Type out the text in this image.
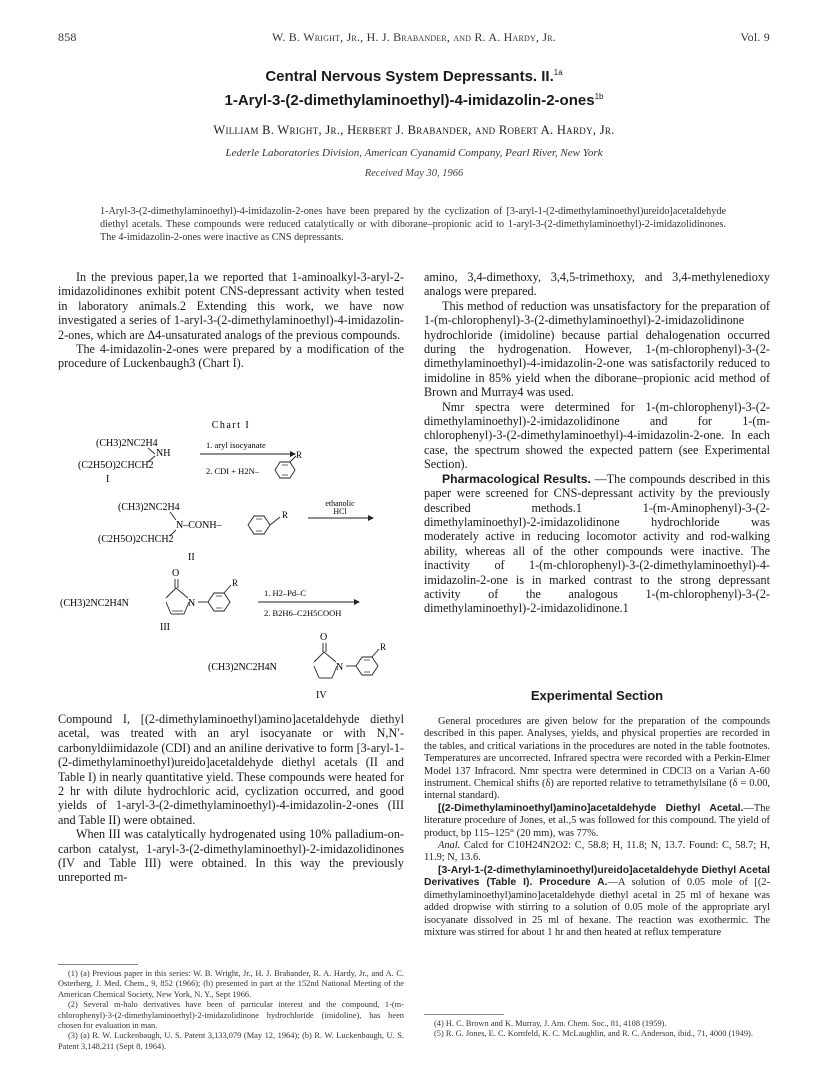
858	W. B. Wright, Jr., H. J. Brabander, and R. A. Hardy, Jr.	Vol. 9
Central Nervous System Depressants. II.$^{1a}$
1-Aryl-3-(2-dimethylaminoethyl)-4-imidazolin-2-ones$^{1b}$
William B. Wright, Jr., Herbert J. Brabander, and Robert A. Hardy, Jr.
Lederle Laboratories Division, American Cyanamid Company, Pearl River, New York
Received May 30, 1966
1-Aryl-3-(2-dimethylaminoethyl)-4-imidazolin-2-ones have been prepared by the cyclization of [3-aryl-1-(2-dimethylaminoethyl)ureido]acetaldehyde diethyl acetals. These compounds were reduced catalytically or with diborane–propionic acid to 1-aryl-3-(2-dimethylaminoethyl)-2-imidazolidinones. The 4-imidazolin-2-ones were inactive as CNS depressants.

In the previous paper,1a we reported that 1-aminoalkyl-3-aryl-2-imidazolidinones exhibit potent CNS-depressant activity when tested in laboratory animals.2 Extending this work, we have now investigated a series of 1-aryl-3-(2-dimethylaminoethyl)-4-imidazolin-2-ones, which are Δ4-unsaturated analogs of the previous compounds.

The 4-imidazolin-2-ones were prepared by a modification of the procedure of Luckenbaugh3 (Chart I).

Chart I
(CH3)2NC2H4
NH
(C2H5O)2CHCH2
I
1. aryl isocyanate
2. CDI + H2N–
R
(CH3)2NC2H4
N–CONH–
(C2H5O)2CHCH2
R
II
ethanolic
HCl
O
(CH3)2NC2H4N	N
R
III
1. H2–Pd–C
2. B2H6–C2H5COOH
O
(CH3)2NC2H4N	N
R
IV

Compound I, [(2-dimethylaminoethyl)amino]acetaldehyde diethyl acetal, was treated with an aryl isocyanate or with N,N′-carbonyldiimidazole (CDI) and an aniline derivative to form [3-aryl-1-(2-dimethylaminoethyl)ureido]acetaldehyde diethyl acetals (II and Table I) in nearly quantitative yield. These compounds were heated for 2 hr with dilute hydrochloric acid, cyclization occurred, and good yields of 1-aryl-3-(2-dimethylaminoethyl)-4-imidazolin-2-ones (III and Table II) were obtained.

When III was catalytically hydrogenated using 10% palladium-on-carbon catalyst, 1-aryl-3-(2-dimethylaminoethyl)-2-imidazolidinones (IV and Table III) were obtained. In this way the previously unreported m-

(1) (a) Previous paper in this series: W. B. Wright, Jr., H. J. Brabander, R. A. Hardy, Jr., and A. C. Osterberg, J. Med. Chem., 9, 852 (1966); (b) presented in part at the 152nd National Meeting of the American Chemical Society, New York, N. Y., Sept 1966.

(2) Several m-halo derivatives have been of particular interest and the compound, 1-(m-chlorophenyl)-3-(2-dimethylaminoethyl)-2-imidazolidinone hydrochloride (imidoline), has been chosen for evaluation in man.

(3) (a) R. W. Luckenbaugh, U. S. Patent 3,133,079 (May 12, 1964); (b) R. W. Luckenbaugh, U. S. Patent 3,148,211 (Sept 8, 1964).

amino, 3,4-dimethoxy, 3,4,5-trimethoxy, and 3,4-methylenedioxy analogs were prepared.

This method of reduction was unsatisfactory for the preparation of 1-(m-chlorophenyl)-3-(2-dimethylaminoethyl)-2-imidazolidinone hydrochloride (imidoline) because partial dehalogenation occurred during the hydrogenation. However, 1-(m-chlorophenyl)-3-(2-dimethylaminoethyl)-4-imidazolin-2-one was satisfactorily reduced to imidoline in 85% yield when the diborane–propionic acid method of Brown and Murray4 was used.

Nmr spectra were determined for 1-(m-chlorophenyl)-3-(2-dimethylaminoethyl)-2-imidazolidinone and for 1-(m-chlorophenyl)-3-(2-dimethylaminoethyl)-4-imidazolin-2-one. In each case, the spectrum showed the expected pattern (see Experimental Section).

Pharmacological Results. —The compounds described in this paper were screened for CNS-depressant activity by the previously described methods.1 1-(m-Aminophenyl)-3-(2-dimethylaminoethyl)-2-imidazolidinone hydrochloride was moderately active in reducing locomotor activity and rod-walking ability, whereas all of the other compounds were inactive. The inactivity of 1-(m-chlorophenyl)-3-(2-dimethylaminoethyl)-4-imidazolin-2-one is in marked contrast to the strong depressant activity of the analogous 1-(m-chlorophenyl)-3-(2-dimethylaminoethyl)-2-imidazolidinone.1

Experimental Section

General procedures are given below for the preparation of the compounds described in this paper. Analyses, yields, and physical properties are recorded in the tables, and critical variations in the procedures are noted in the table footnotes. Temperatures are uncorrected. Infrared spectra were recorded with a Perkin-Elmer Model 137 Infracord. Nmr spectra were determined in CDCl3 on a Varian A-60 instrument. Chemical shifts (δ) are reported relative to tetramethylsilane (δ = 0.00, internal standard).

[(2-Dimethylaminoethyl)amino]acetaldehyde Diethyl Acetal.—The literature procedure of Jones, et al.,5 was followed for this compound. The yield of product, bp 115–125° (20 mm), was 77%.

Anal. Calcd for C10H24N2O2: C, 58.8; H, 11.8; N, 13.7. Found: C, 58.7; H, 11.9; N, 13.6.

[3-Aryl-1-(2-dimethylaminoethyl)ureido]acetaldehyde Diethyl Acetal Derivatives (Table I). Procedure A.—A solution of 0.05 mole of [(2-dimethylaminoethyl)amino]acetaldehyde diethyl acetal in 25 ml of hexane was added dropwise with stirring to a solution of 0.05 mole of the appropriate aryl isocyanate dissolved in 25 ml of hexane. The reaction was exothermic. The mixture was stirred for about 1 hr and then heated at reflux temperature

(4) H. C. Brown and K. Murray, J. Am. Chem. Soc., 81, 4108 (1959).

(5) R. G. Jones, E. C. Kornfeld, K. C. McLaughlin, and R. C. Anderson, ibid., 71, 4000 (1949).
